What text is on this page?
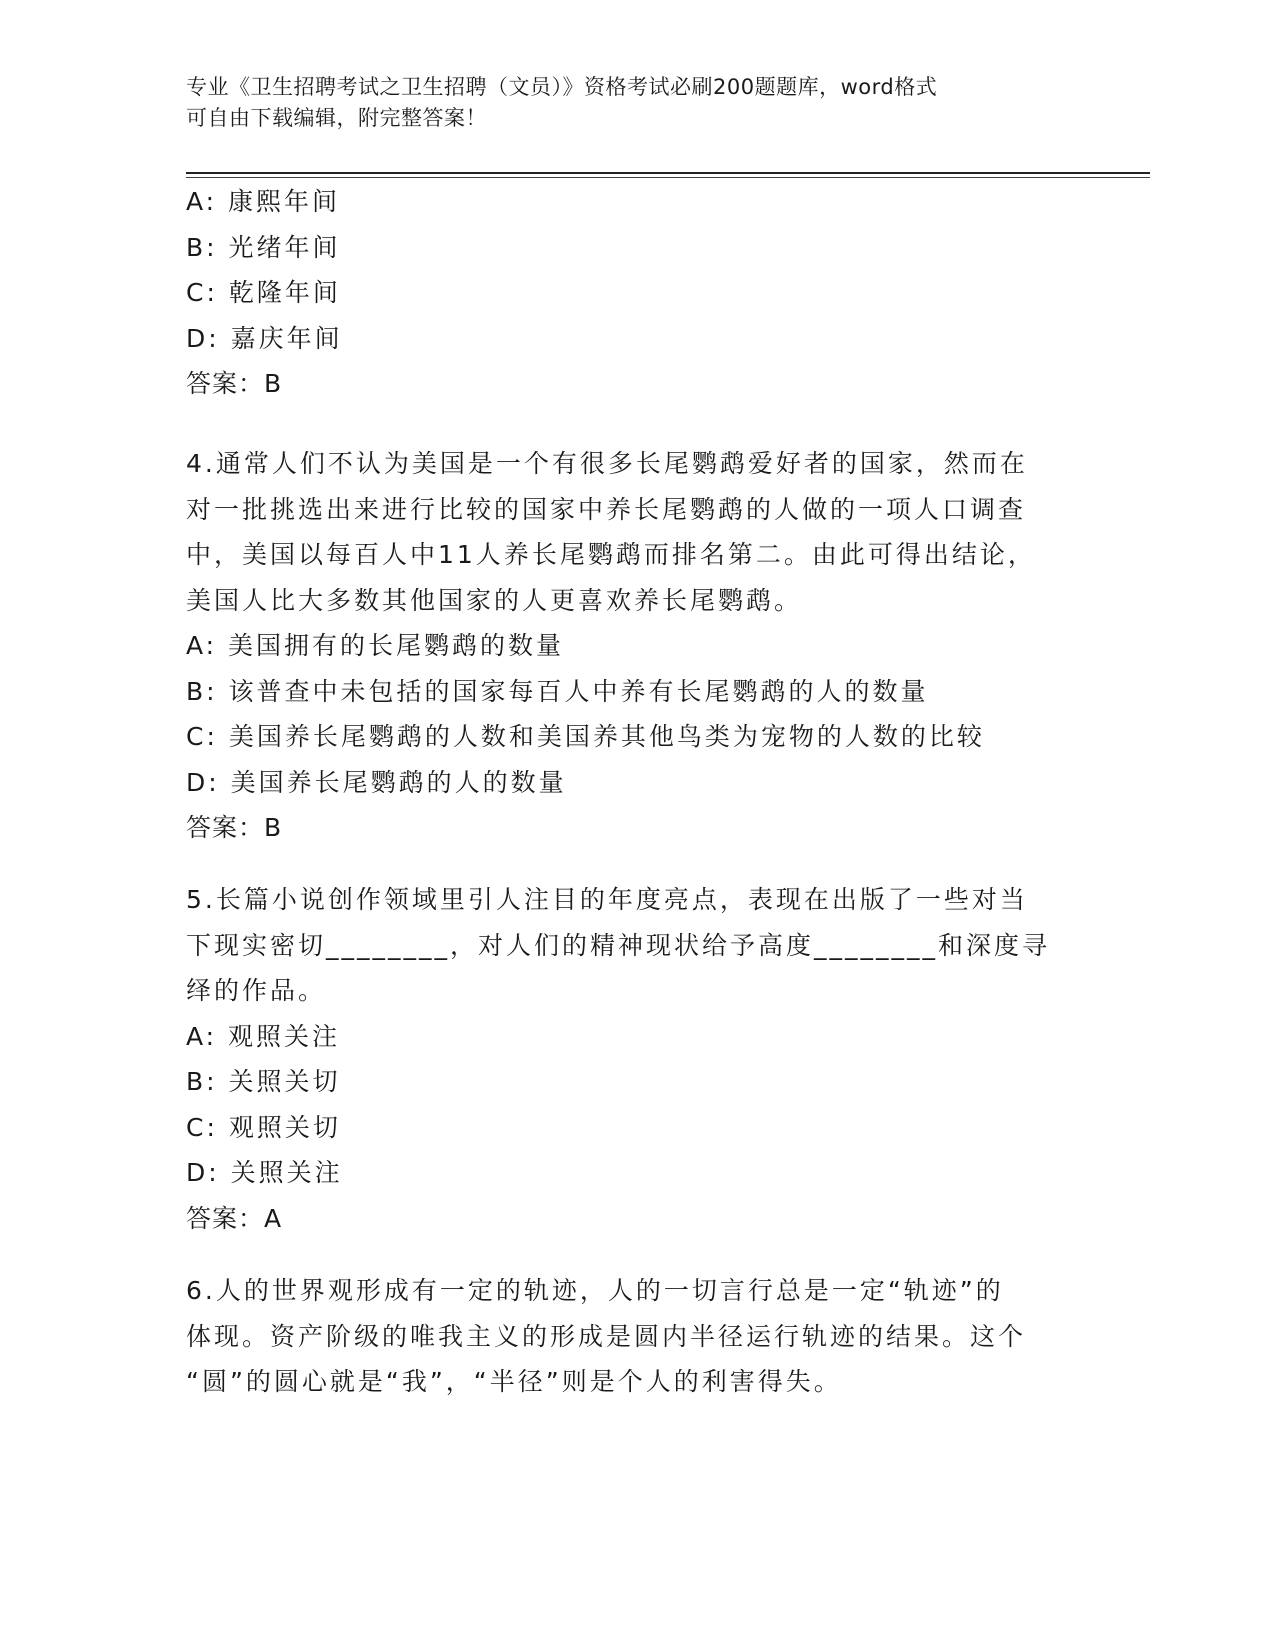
专业《卫生招聘考试之卫生招聘（文员）》资格考试必刷200题题库，word格式
可自由下载编辑，附完整答案！
A: 康熙年间
B: 光绪年间
C: 乾隆年间
D: 嘉庆年间
答案：B
4.通常人们不认为美国是一个有很多长尾鹦鹉爱好者的国家，然而在
对一批挑选出来进行比较的国家中养长尾鹦鹉的人做的一项人口调查
中，美国以每百人中11人养长尾鹦鹉而排名第二。由此可得出结论，
美国人比大多数其他国家的人更喜欢养长尾鹦鹉。
A: 美国拥有的长尾鹦鹉的数量
B: 该普查中未包括的国家每百人中养有长尾鹦鹉的人的数量
C: 美国养长尾鹦鹉的人数和美国养其他鸟类为宠物的人数的比较
D: 美国养长尾鹦鹉的人的数量
答案：B
5.长篇小说创作领域里引人注目的年度亮点，表现在出版了一些对当
下现实密切________，对人们的精神现状给予高度________和深度寻
绎的作品。
A: 观照关注
B: 关照关切
C: 观照关切
D: 关照关注
答案：A
6.人的世界观形成有一定的轨迹，人的一切言行总是一定“轨迹”的
体现。资产阶级的唯我主义的形成是圆内半径运行轨迹的结果。这个
“圆”的圆心就是“我”，“半径”则是个人的利害得失。
